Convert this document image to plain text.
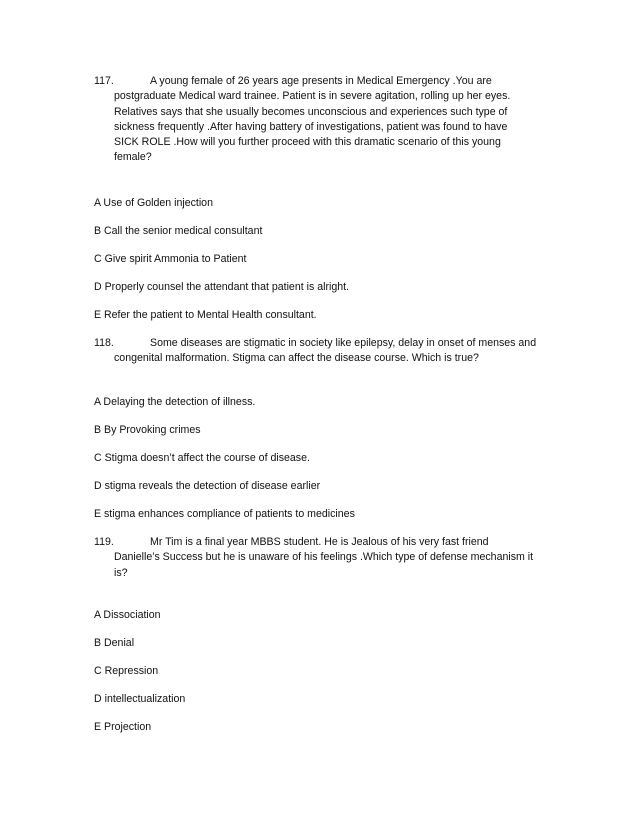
117.	A young female of 26 years age presents in Medical Emergency .You are
postgraduate Medical ward trainee. Patient is in severe agitation, rolling up her eyes.
Relatives says that she usually becomes unconscious and experiences such type of
sickness frequently .After having battery of investigations, patient was found to have
SICK ROLE .How will you further proceed with this dramatic scenario of this young
female?
A Use of Golden injection
B Call the senior medical consultant
C Give spirit Ammonia to Patient
D Properly counsel the attendant that patient is alright.
E Refer the patient to Mental Health consultant.
118.	Some diseases are stigmatic in society like epilepsy, delay in onset of menses and
congenital malformation. Stigma can affect the disease course. Which is true?
A Delaying the detection of illness.
B By Provoking crimes
C Stigma doesn’t affect the course of disease.
D stigma reveals the detection of disease earlier
E stigma enhances compliance of patients to medicines
119.	Mr Tim is a final year MBBS student. He is Jealous of his very fast friend
Danielle’s Success but he is unaware of his feelings .Which type of defense mechanism it
is?
A Dissociation
B Denial
C Repression
D intellectualization
E Projection
